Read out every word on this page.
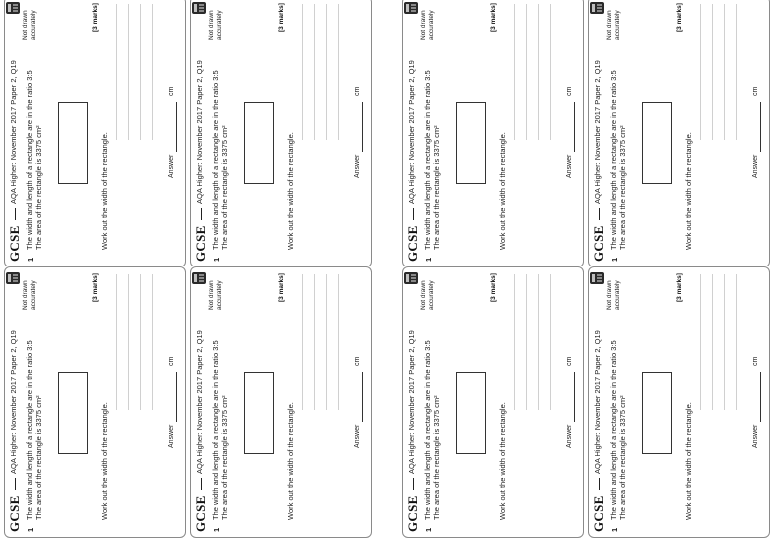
GCSE
AQA Higher: November 2017 Paper 2, Q19
1
The width and length of a rectangle are in the ratio 3:5 The area of the rectangle is 3375 cm²
Not drawn accurately
Work out the width of the rectangle.
[3 marks]
Answer
cm
GCSE
AQA Higher: November 2017 Paper 2, Q19
1
The width and length of a rectangle are in the ratio 3:5 The area of the rectangle is 3375 cm²
Not drawn accurately
Work out the width of the rectangle.
[3 marks]
Answer
cm
GCSE
AQA Higher: November 2017 Paper 2, Q19
1
The width and length of a rectangle are in the ratio 3:5 The area of the rectangle is 3375 cm²
Not drawn accurately
Work out the width of the rectangle.
[3 marks]
Answer
cm
GCSE
AQA Higher: November 2017 Paper 2, Q19
1
The width and length of a rectangle are in the ratio 3:5 The area of the rectangle is 3375 cm²
Not drawn accurately
Work out the width of the rectangle.
[3 marks]
Answer
cm
GCSE
AQA Higher: November 2017 Paper 2, Q19
1
The width and length of a rectangle are in the ratio 3:5 The area of the rectangle is 3375 cm²
Not drawn accurately
Work out the width of the rectangle.
[3 marks]
Answer
cm
GCSE
AQA Higher: November 2017 Paper 2, Q19
1
The width and length of a rectangle are in the ratio 3:5 The area of the rectangle is 3375 cm²
Not drawn accurately
Work out the width of the rectangle.
[3 marks]
Answer
cm
GCSE
AQA Higher: November 2017 Paper 2, Q19
1
The width and length of a rectangle are in the ratio 3:5 The area of the rectangle is 3375 cm²
Not drawn accurately
Work out the width of the rectangle.
[3 marks]
Answer
cm
GCSE
AQA Higher: November 2017 Paper 2, Q19
1
The width and length of a rectangle are in the ratio 3:5 The area of the rectangle is 3375 cm²
Not drawn accurately
Work out the width of the rectangle.
[3 marks]
Answer
cm
